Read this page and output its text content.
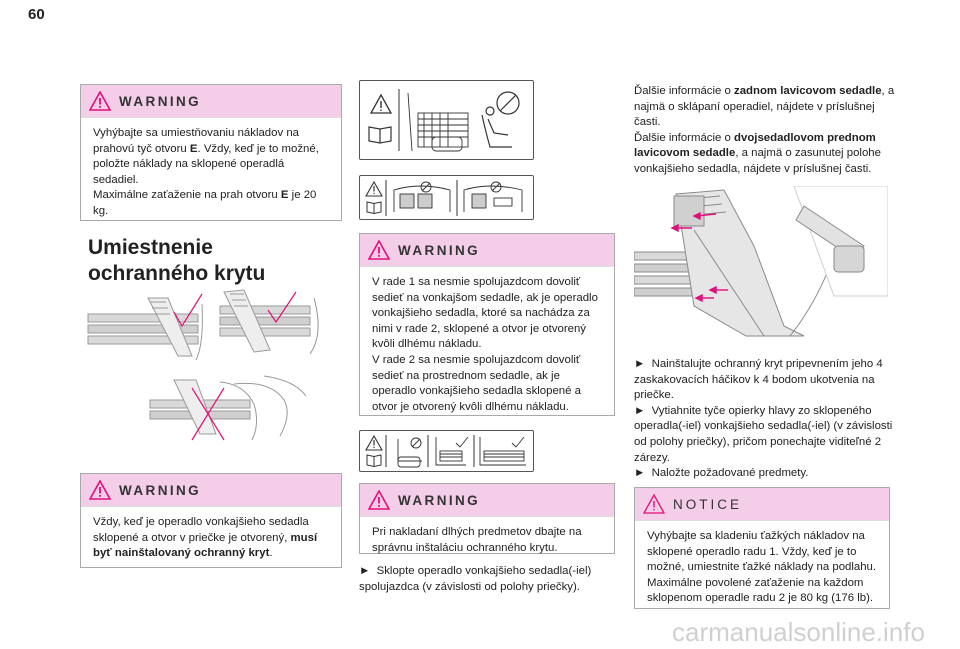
60
WARNING
Vyhýbajte sa umiestňovaniu nákladov na prahovú tyč otvoru E. Vždy, keď je to možné, položte náklady na sklopené operadlá sedadiel.
Maximálne zaťaženie na prah otvoru E je 20 kg.
Umiestnenie ochranného krytu
WARNING
Vždy, keď je operadlo vonkajšieho sedadla sklopené a otvor v priečke je otvorený, musí byť nainštalovaný ochranný kryt.
WARNING
V rade 1 sa nesmie spolujazdcom dovoliť sedieť na vonkajšom sedadle, ak je operadlo vonkajšieho sedadla, ktoré sa nachádza za nimi v rade 2, sklopené a otvor je otvorený kvôli dlhému nákladu.
V rade 2 sa nesmie spolujazdcom dovoliť sedieť na prostrednom sedadle, ak je operadlo vonkajšieho sedadla sklopené a otvor je otvorený kvôli dlhému nákladu.
WARNING
Pri nakladaní dlhých predmetov dbajte na správnu inštaláciu ochranného krytu.
► Sklopte operadlo vonkajšieho sedadla(-iel) spolujazdca (v závislosti od polohy priečky).
Ďalšie informácie o zadnom lavicovom sedadle, a najmä o sklápaní operadiel, nájdete v príslušnej časti.
Ďalšie informácie o dvojsedadlovom prednom lavicovom sedadle, a najmä o zasunutej polohe vonkajšieho sedadla, nájdete v príslušnej časti.
► Nainštalujte ochranný kryt pripevnením jeho 4 zaskakovacích háčikov k 4 bodom ukotvenia na priečke.
► Vytiahnite tyče opierky hlavy zo sklopeného operadla(-iel) vonkajšieho sedadla(-iel) (v závislosti od polohy priečky), pričom ponechajte viditeľné 2 zárezy.
► Naložte požadované predmety.
NOTICE
Vyhýbajte sa kladeniu ťažkých nákladov na sklopené operadlo radu 1. Vždy, keď je to možné, umiestnite ťažké náklady na podlahu. Maximálne povolené zaťaženie na každom sklopenom operadle radu 2 je 80 kg (176 lb).
carmanualsonline.info
